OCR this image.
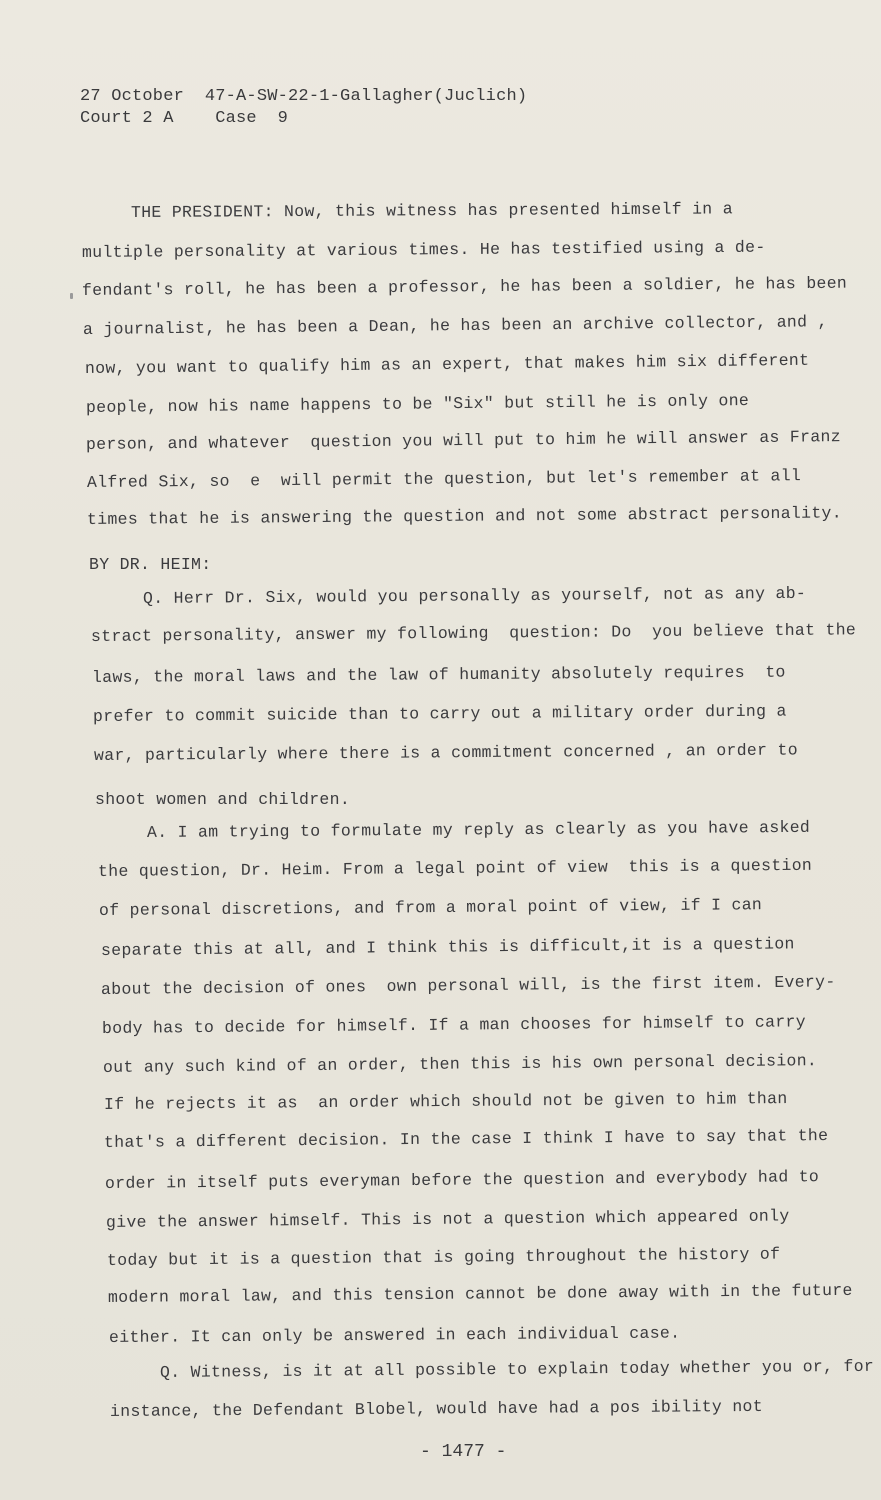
27 October  47-A-SW-22-1-Gallagher(Juclich)
Court 2 A    Case  9
THE PRESIDENT: Now, this witness has presented himself in a
multiple personality at various times. He has testified using a de-
fendant's roll, he has been a professor, he has been a soldier, he has been
a journalist, he has been a Dean, he has been an archive collector, and ,
now, you want to qualify him as an expert, that makes him six different
people, now his name happens to be "Six" but still he is only one
person, and whatever  question you will put to him he will answer as Franz
Alfred Six, so  e  will permit the question, but let's remember at all
times that he is answering the question and not some abstract personality.
BY DR. HEIM:
Q. Herr Dr. Six, would you personally as yourself, not as any ab-
stract personality, answer my following  question: Do  you believe that the
laws, the moral laws and the law of humanity absolutely requires  to
prefer to commit suicide than to carry out a military order during a
war, particularly where there is a commitment concerned , an order to
shoot women and children.
A. I am trying to formulate my reply as clearly as you have asked
the question, Dr. Heim. From a legal point of view  this is a question
of personal discretions, and from a moral point of view, if I can
separate this at all, and I think this is difficult,it is a question
about the decision of ones  own personal will, is the first item. Every-
body has to decide for himself. If a man chooses for himself to carry
out any such kind of an order, then this is his own personal decision.
If he rejects it as  an order which should not be given to him than
that's a different decision. In the case I think I have to say that the
order in itself puts everyman before the question and everybody had to
give the answer himself. This is not a question which appeared only
today but it is a question that is going throughout the history of
modern moral law, and this tension cannot be done away with in the future
either. It can only be answered in each individual case.
Q. Witness, is it at all possible to explain today whether you or, for
instance, the Defendant Blobel, would have had a pos ibility not
- 1477 -
